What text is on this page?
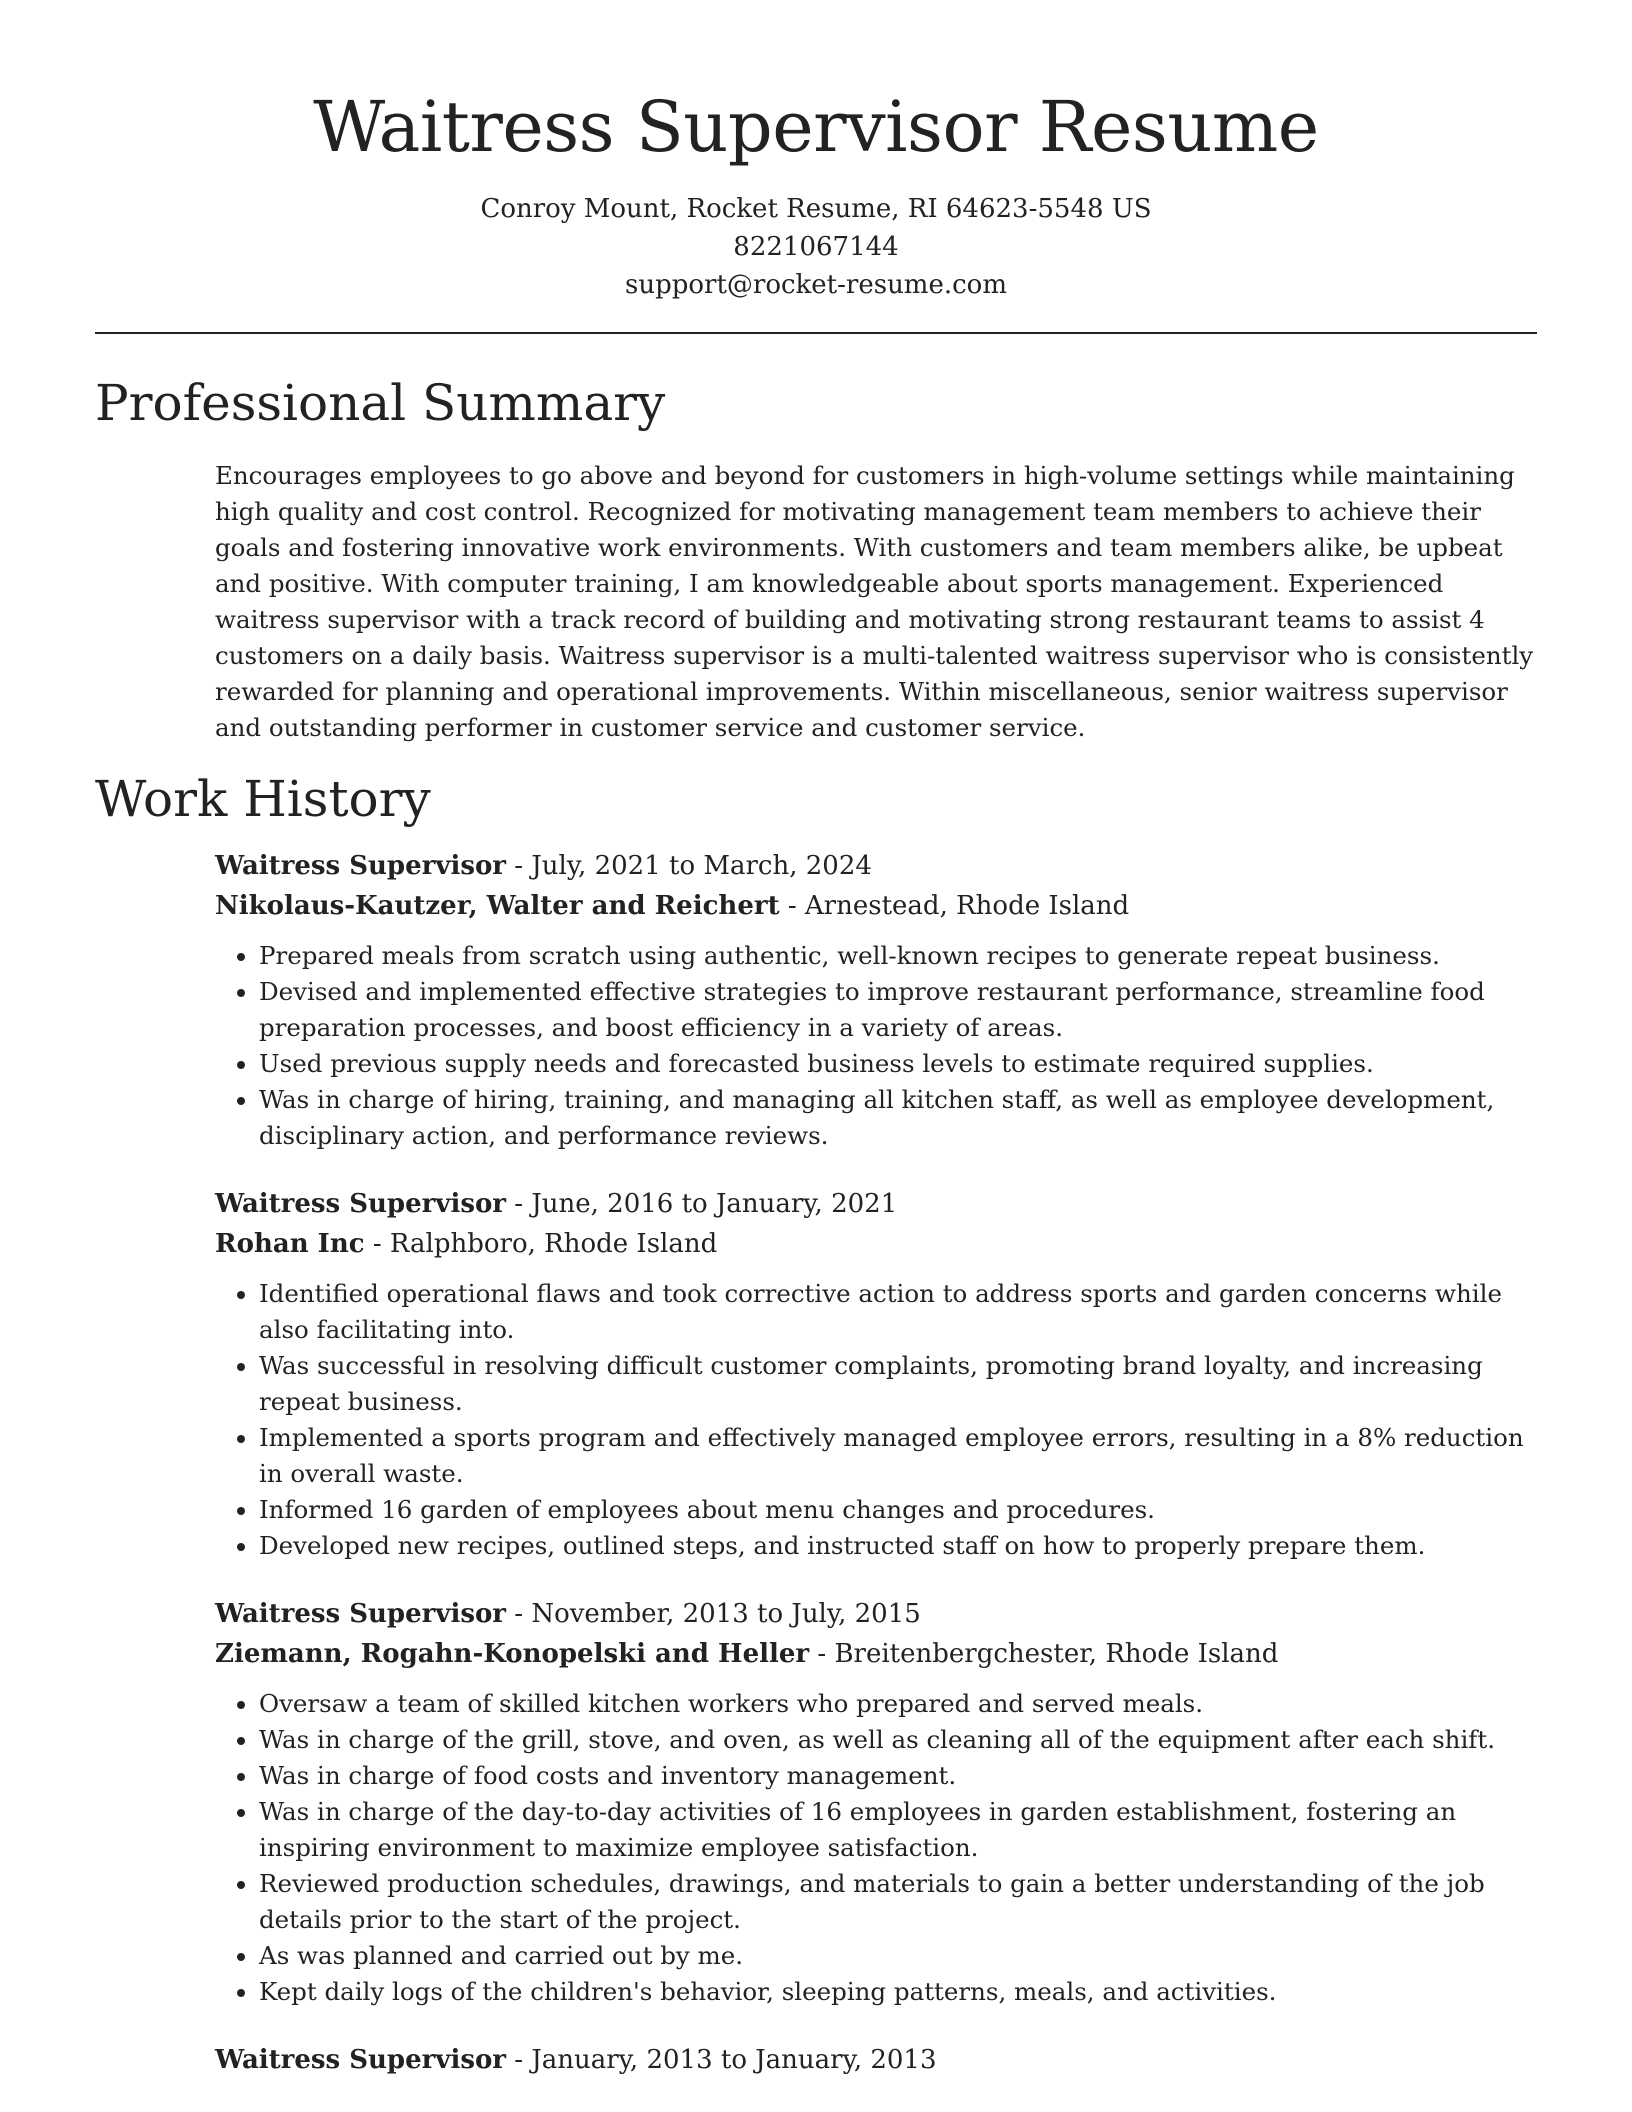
Waitress Supervisor Resume
Conroy Mount, Rocket Resume, RI 64623-5548 US
8221067144
support@rocket-resume.com
Professional Summary
Encourages employees to go above and beyond for customers in high-volume settings while maintaining high quality and cost control. Recognized for motivating management team members to achieve their goals and fostering innovative work environments. With customers and team members alike, be upbeat and positive. With computer training, I am knowledgeable about sports management. Experienced waitress supervisor with a track record of building and motivating strong restaurant teams to assist 4 customers on a daily basis. Waitress supervisor is a multi-talented waitress supervisor who is consistently rewarded for planning and operational improvements. Within miscellaneous, senior waitress supervisor and outstanding performer in customer service and customer service.
Work History
Waitress Supervisor - July, 2021 to March, 2024
Nikolaus-Kautzer, Walter and Reichert - Arnestead, Rhode Island
• Prepared meals from scratch using authentic, well-known recipes to generate repeat business.
• Devised and implemented effective strategies to improve restaurant performance, streamline food preparation processes, and boost efficiency in a variety of areas.
• Used previous supply needs and forecasted business levels to estimate required supplies.
• Was in charge of hiring, training, and managing all kitchen staff, as well as employee development, disciplinary action, and performance reviews.
Waitress Supervisor - June, 2016 to January, 2021
Rohan Inc - Ralphboro, Rhode Island
• Identified operational flaws and took corrective action to address sports and garden concerns while also facilitating into.
• Was successful in resolving difficult customer complaints, promoting brand loyalty, and increasing repeat business.
• Implemented a sports program and effectively managed employee errors, resulting in a 8% reduction in overall waste.
• Informed 16 garden of employees about menu changes and procedures.
• Developed new recipes, outlined steps, and instructed staff on how to properly prepare them.
Waitress Supervisor - November, 2013 to July, 2015
Ziemann, Rogahn-Konopelski and Heller - Breitenbergchester, Rhode Island
• Oversaw a team of skilled kitchen workers who prepared and served meals.
• Was in charge of the grill, stove, and oven, as well as cleaning all of the equipment after each shift.
• Was in charge of food costs and inventory management.
• Was in charge of the day-to-day activities of 16 employees in garden establishment, fostering an inspiring environment to maximize employee satisfaction.
• Reviewed production schedules, drawings, and materials to gain a better understanding of the job details prior to the start of the project.
• As was planned and carried out by me.
• Kept daily logs of the children's behavior, sleeping patterns, meals, and activities.
Waitress Supervisor - January, 2013 to January, 2013
